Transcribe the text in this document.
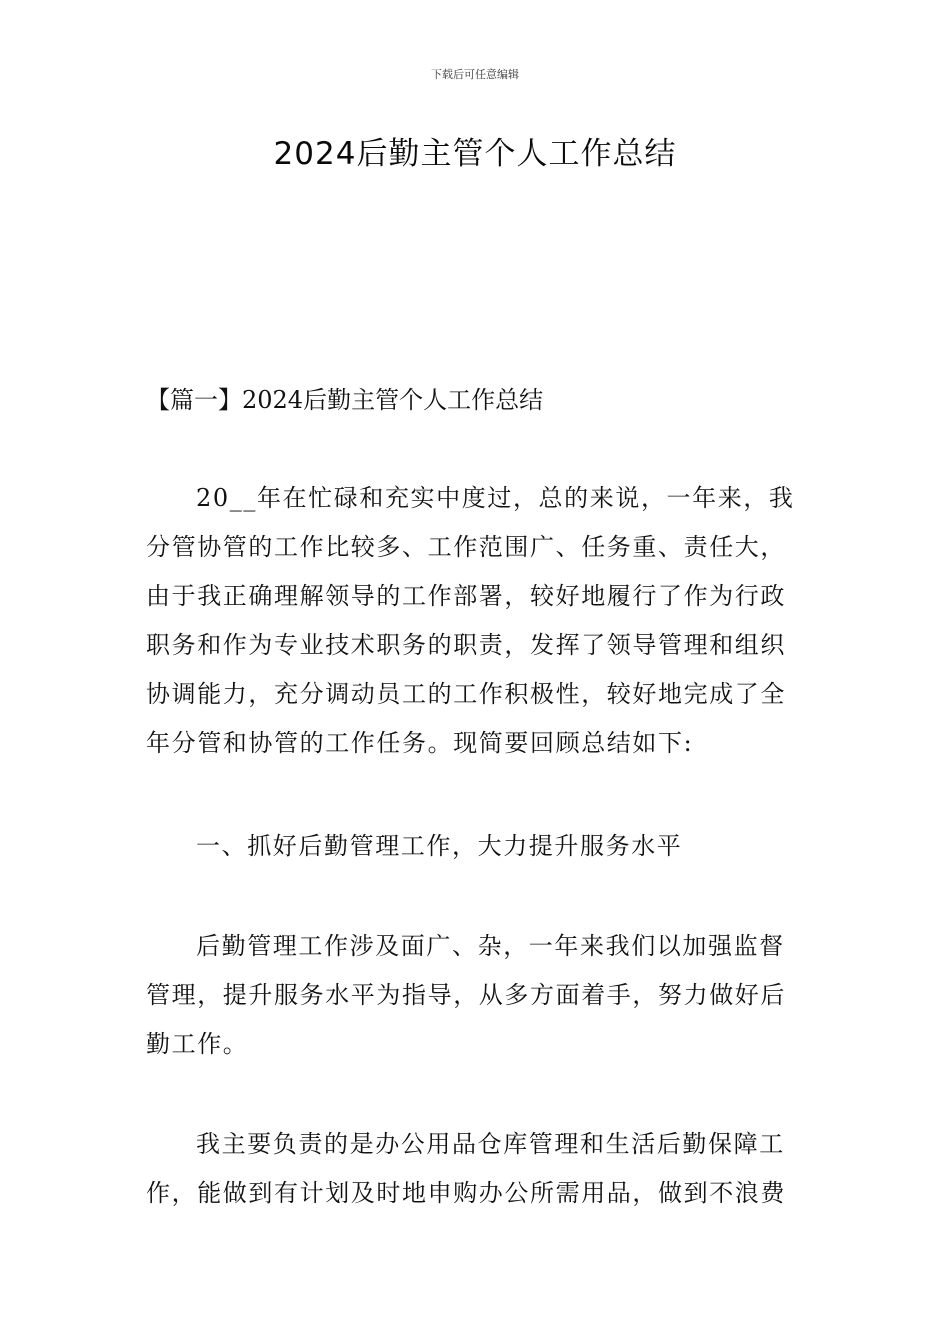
下载后可任意编辑
2024后勤主管个人工作总结
【篇一】2024后勤主管个人工作总结

20__年在忙碌和充实中度过，总的来说，一年来，我分管协管的工作比较多、工作范围广、任务重、责任大，由于我正确理解领导的工作部署，较好地履行了作为行政职务和作为专业技术职务的职责，发挥了领导管理和组织协调能力，充分调动员工的工作积极性，较好地完成了全年分管和协管的工作任务。现简要回顾总结如下:

一、抓好后勤管理工作，大力提升服务水平

后勤管理工作涉及面广、杂，一年来我们以加强监督管理，提升服务水平为指导，从多方面着手，努力做好后勤工作。

我主要负责的是办公用品仓库管理和生活后勤保障工作，能做到有计划及时地申购办公所需用品，做到不浪费
